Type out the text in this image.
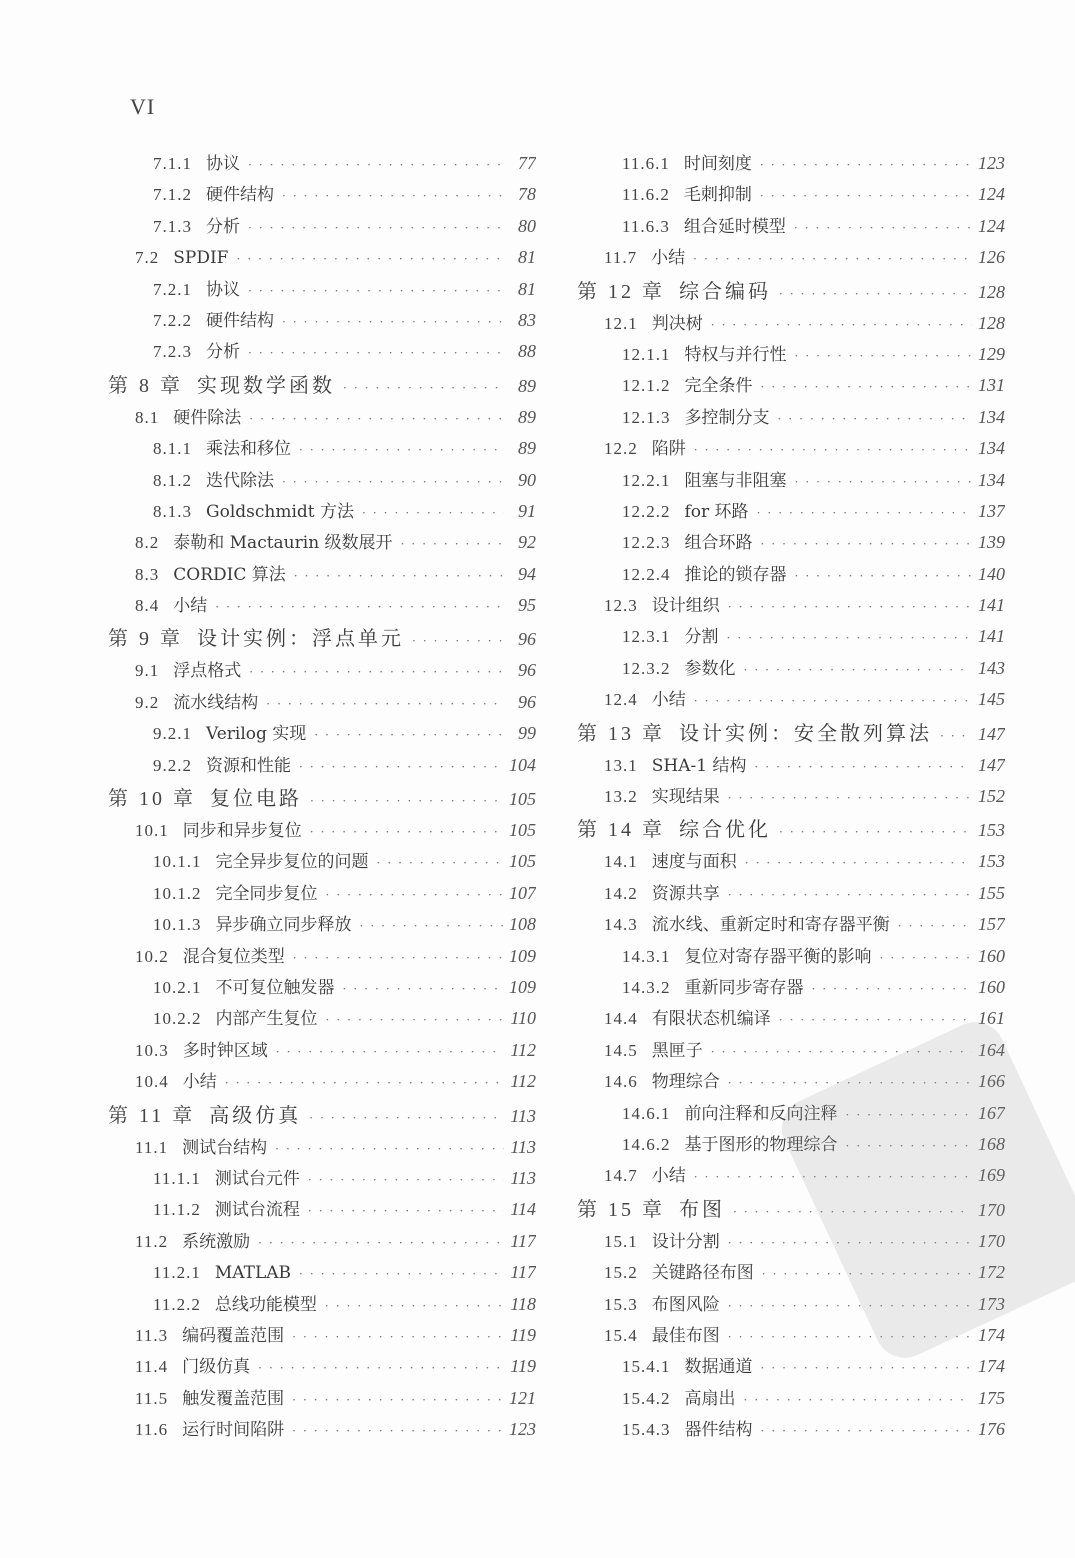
VI
7.1.1 协议 · · ·	77
7.1.2 硬件结构 · · ·	78
7.1.3 分析 · · ·	80
7.2 SPDIF · · ·	81
7.2.1 协议 · · ·	81
7.2.2 硬件结构 · · ·	83
7.2.3 分析 · · ·	88
第 8 章 实现数学函数 · · ·	89
8.1 硬件除法 · · ·	89
8.1.1 乘法和移位 · · ·	89
8.1.2 迭代除法 · · ·	90
8.1.3 Goldschmidt 方法 · · ·	91
8.2 泰勒和 Mactaurin 级数展开 · · ·	92
8.3 CORDIC 算法 · · ·	94
8.4 小结 · · ·	95
第 9 章 设计实例：浮点单元 · · ·	96
9.1 浮点格式 · · ·	96
9.2 流水线结构 · · ·	96
9.2.1 Verilog 实现 · · ·	99
9.2.2 资源和性能 · · ·	104
第 10 章 复位电路 · · ·	105
10.1 同步和异步复位 · · ·	105
10.1.1 完全异步复位的问题 · · ·	105
10.1.2 完全同步复位 · · ·	107
10.1.3 异步确立同步释放 · · ·	108
10.2 混合复位类型 · · ·	109
10.2.1 不可复位触发器 · · ·	109
10.2.2 内部产生复位 · · ·	110
10.3 多时钟区域 · · ·	112
10.4 小结 · · ·	112
第 11 章 高级仿真 · · ·	113
11.1 测试台结构 · · ·	113
11.1.1 测试台元件 · · ·	113
11.1.2 测试台流程 · · ·	114
11.2 系统激励 · · ·	117
11.2.1 MATLAB · · ·	117
11.2.2 总线功能模型 · · ·	118
11.3 编码覆盖范围 · · ·	119
11.4 门级仿真 · · ·	119
11.5 触发覆盖范围 · · ·	121
11.6 运行时间陷阱 · · ·	123
11.6.1 时间刻度 · · ·	123
11.6.2 毛刺抑制 · · ·	124
11.6.3 组合延时模型 · · ·	124
11.7 小结 · · ·	126
第 12 章 综合编码 · · ·	128
12.1 判决树 · · ·	128
12.1.1 特权与并行性 · · ·	129
12.1.2 完全条件 · · ·	131
12.1.3 多控制分支 · · ·	134
12.2 陷阱 · · ·	134
12.2.1 阻塞与非阻塞 · · ·	134
12.2.2 for 环路 · · ·	137
12.2.3 组合环路 · · ·	139
12.2.4 推论的锁存器 · · ·	140
12.3 设计组织 · · ·	141
12.3.1 分割 · · ·	141
12.3.2 参数化 · · ·	143
12.4 小结 · · ·	145
第 13 章 设计实例：安全散列算法 · · ·	147
13.1 SHA-1 结构 · · ·	147
13.2 实现结果 · · ·	152
第 14 章 综合优化 · · ·	153
14.1 速度与面积 · · ·	153
14.2 资源共享 · · ·	155
14.3 流水线、重新定时和寄存器平衡 · · ·	157
14.3.1 复位对寄存器平衡的影响 · · ·	160
14.3.2 重新同步寄存器 · · ·	160
14.4 有限状态机编译 · · ·	161
14.5 黑匣子 · · ·	164
14.6 物理综合 · · ·	166
14.6.1 前向注释和反向注释 · · ·	167
14.6.2 基于图形的物理综合 · · ·	168
14.7 小结 · · ·	169
第 15 章 布图 · · ·	170
15.1 设计分割 · · ·	170
15.2 关键路径布图 · · ·	172
15.3 布图风险 · · ·	173
15.4 最佳布图 · · ·	174
15.4.1 数据通道 · · ·	174
15.4.2 高扇出 · · ·	175
15.4.3 器件结构 · · ·	176
